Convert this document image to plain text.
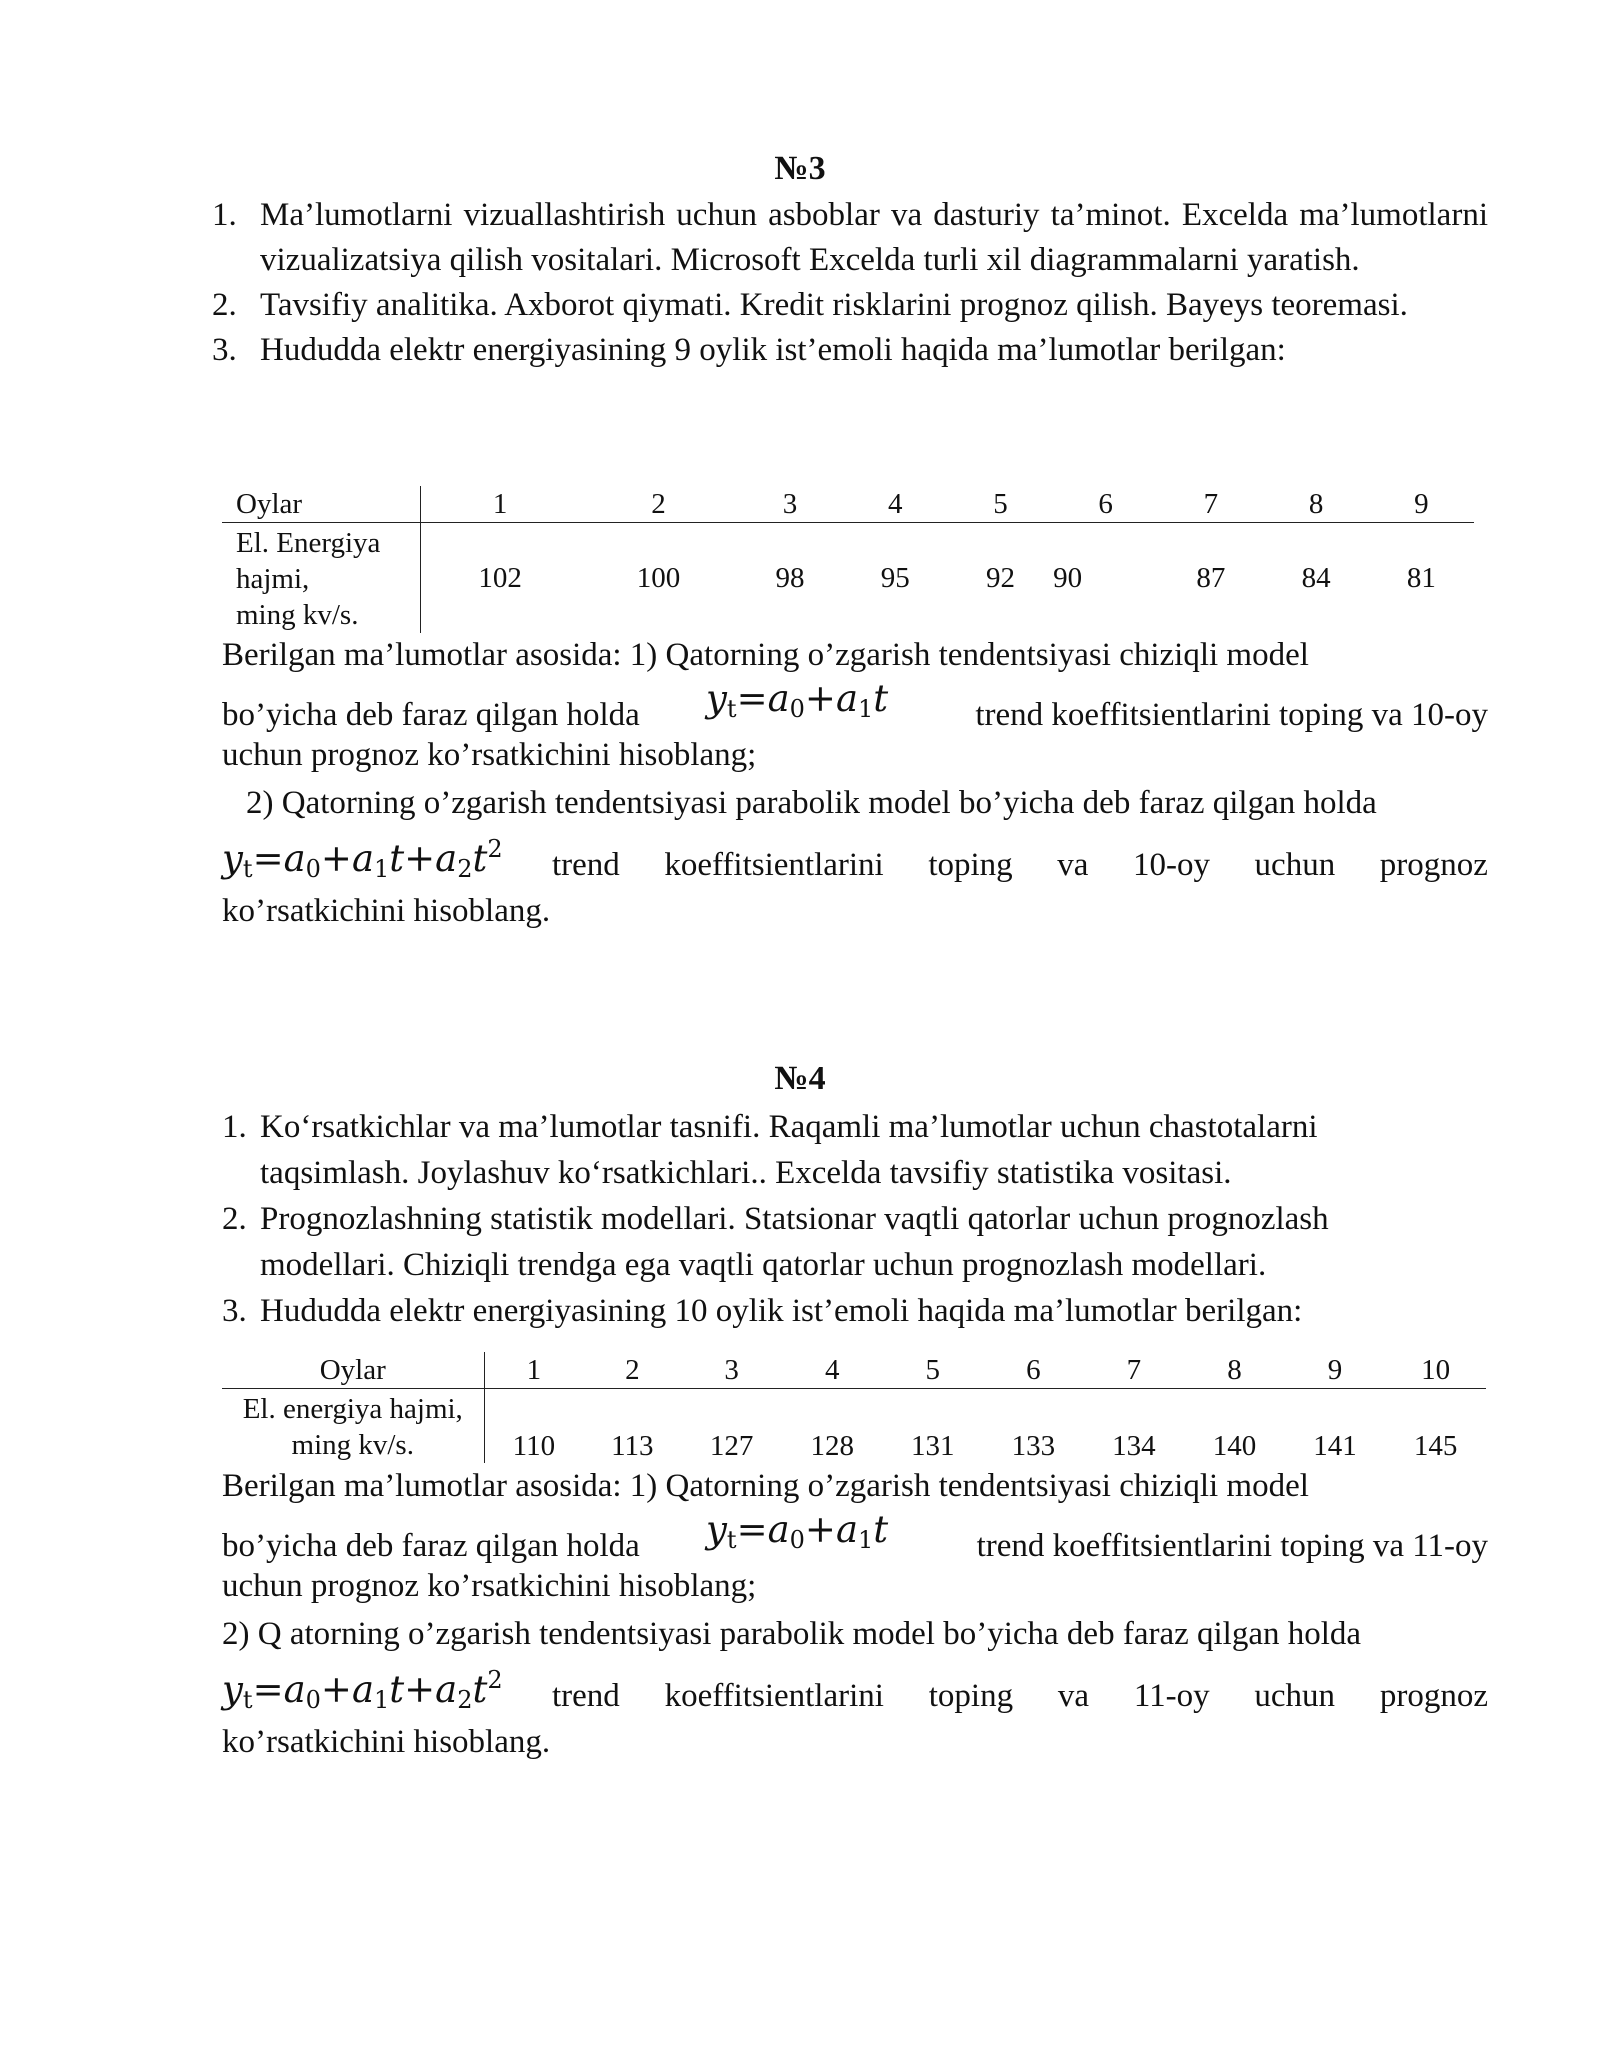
№3
1. Ma’lumotlarni vizuallashtirish uchun asboblar va dasturiy ta’minot. Excelda ma’lumotlarni vizualizatsiya qilish vositalari. Microsoft Excelda turli xil diagrammalarni yaratish.
2. Tavsifiy analitika. Axborot qiymati. Kredit risklarini prognoz qilish. Bayeys teoremasi.
3. Hududda elektr energiyasining 9 oylik ist’emoli haqida ma’lumotlar berilgan:
Oylar	1	2	3	4	5	6	7	8	9

El. Energiya
hajmi,
ming kv/s.	102	100	98	95	92	90	87	84	81
Berilgan ma’lumotlar asosida: 1) Qatorning o’zgarish tendentsiyasi chiziqli model
bo’yicha deb faraz qilgan holda $y_t=a_0+a_1t$	trend koeffitsientlarini toping va 10-oy
uchun prognoz ko’rsatkichini hisoblang;
2) Qatorning o’zgarish tendentsiyasi parabolik model bo’yicha deb faraz qilgan holda
$y_t=a_0+a_1t+a_2t^2$ trend koeffitsientlarini toping va 10-oy uchun prognoz
ko’rsatkichini hisoblang.
№4
1. Ko‘rsatkichlar va ma’lumotlar tasnifi. Raqamli ma’lumotlar uchun chastotalarni
taqsimlash. Joylashuv ko‘rsatkichlari.. Excelda tavsifiy statistika vositasi.
2. Prognozlashning statistik modellari. Statsionar vaqtli qatorlar uchun prognozlash
modellari. Chiziqli trendga ega vaqtli qatorlar uchun prognozlash modellari.
3. Hududda elektr energiyasining 10 oylik ist’emoli haqida ma’lumotlar berilgan:
Oylar	1	2	3	4	5	6	7	8	9	10

El. energiya hajmi,
ming kv/s.	110	113	127	128	131	133	134	140	141	145
Berilgan ma’lumotlar asosida: 1) Qatorning o’zgarish tendentsiyasi chiziqli model
bo’yicha deb faraz qilgan holda $y_t=a_0+a_1t$	trend koeffitsientlarini toping va 11-oy
uchun prognoz ko’rsatkichini hisoblang;
2) Q atorning o’zgarish tendentsiyasi parabolik model bo’yicha deb faraz qilgan holda
$y_t=a_0+a_1t+a_2t^2$ trend koeffitsientlarini toping va 11-oy uchun prognoz
ko’rsatkichini hisoblang.
